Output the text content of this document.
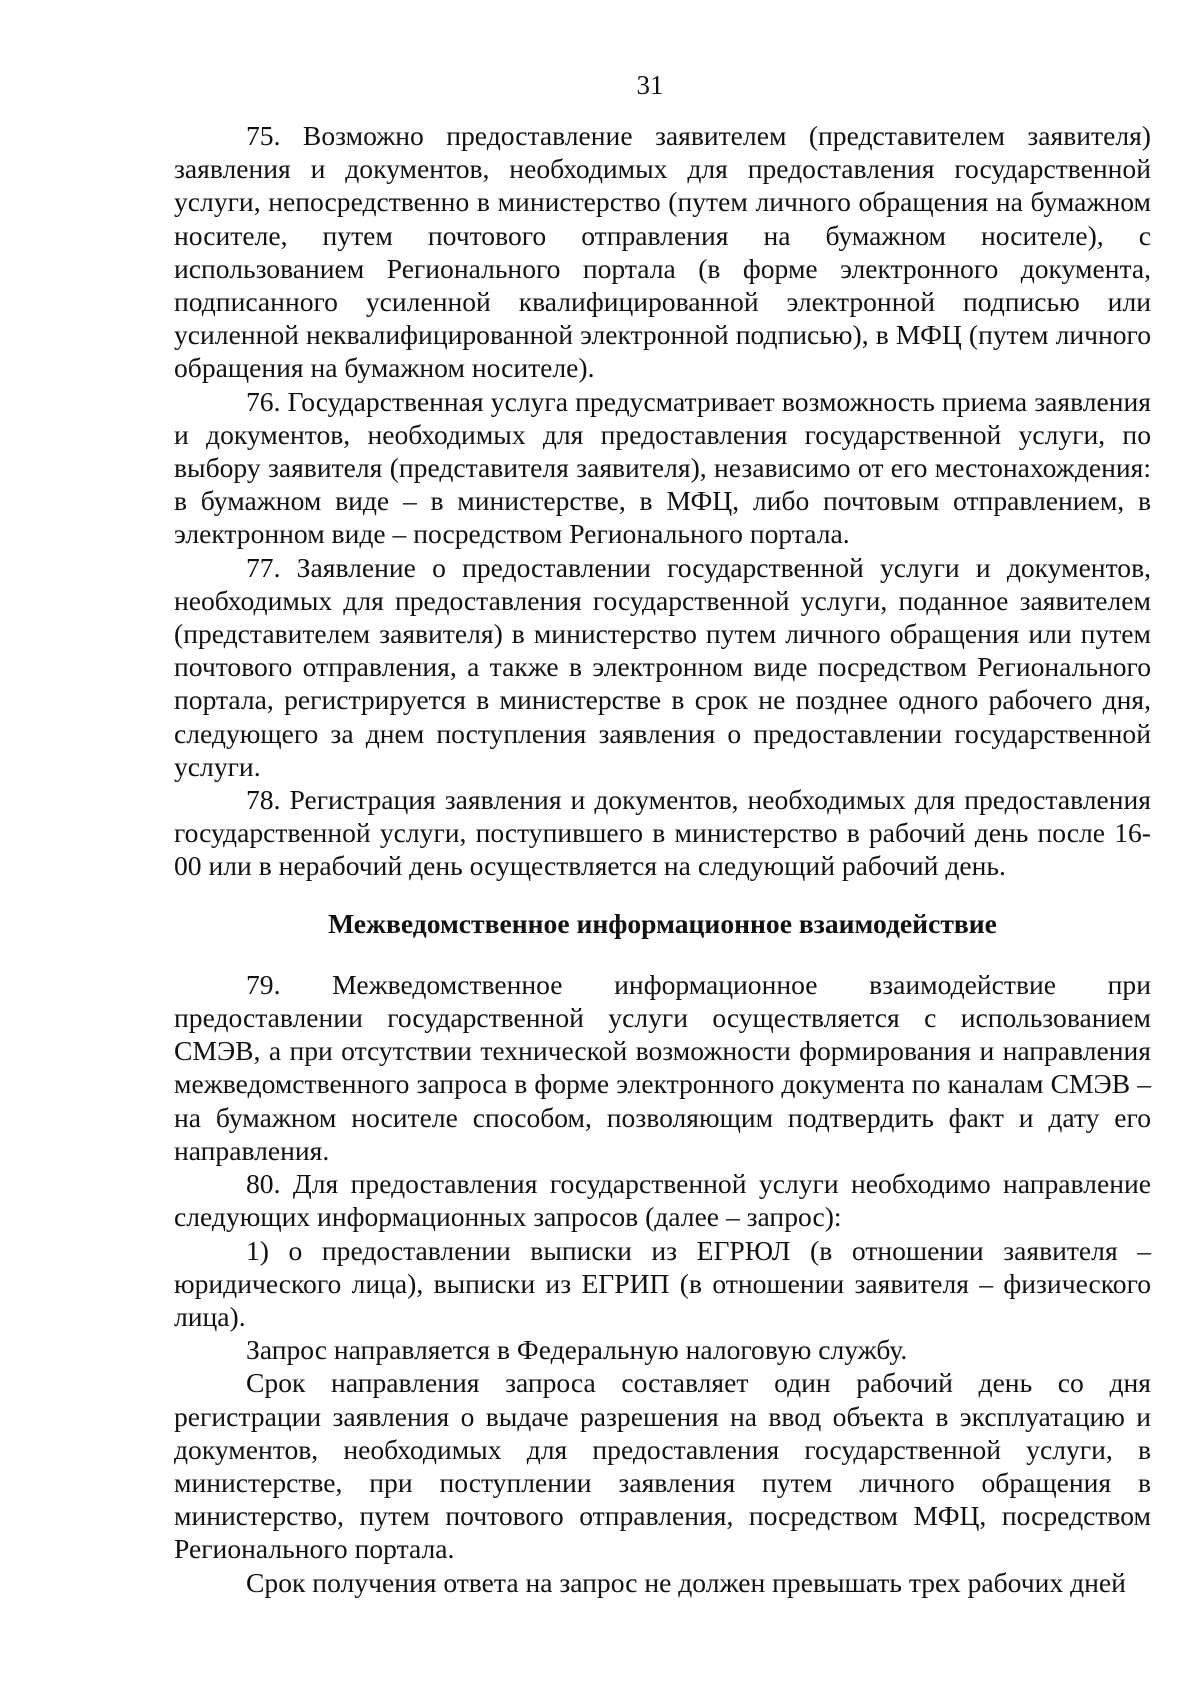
31

75. Возможно предоставление заявителем (представителем заявителя) заявления и документов, необходимых для предоставления государственной услуги, непосредственно в министерство (путем личного обращения на бумажном носителе, путем почтового отправления на бумажном носителе), с использованием Регионального портала (в форме электронного документа, подписанного усиленной квалифицированной электронной подписью или усиленной неквалифицированной электронной подписью), в МФЦ (путем личного обращения на бумажном носителе).

76. Государственная услуга предусматривает возможность приема заявления и документов, необходимых для предоставления государственной услуги, по выбору заявителя (представителя заявителя), независимо от его местонахождения: в бумажном виде – в министерстве, в МФЦ, либо почтовым отправлением, в электронном виде – посредством Регионального портала.

77. Заявление о предоставлении государственной услуги и документов, необходимых для предоставления государственной услуги, поданное заявителем (представителем заявителя) в министерство путем личного обращения или путем почтового отправления, а также в электронном виде посредством Регионального портала, регистрируется в министерстве в срок не позднее одного рабочего дня, следующего за днем поступления заявления о предоставлении государственной услуги.

78. Регистрация заявления и документов, необходимых для предоставления государственной услуги, поступившего в министерство в рабочий день после 16-00 или в нерабочий день осуществляется на следующий рабочий день.

Межведомственное информационное взаимодействие

79. Межведомственное информационное взаимодействие при предоставлении государственной услуги осуществляется с использованием СМЭВ, а при отсутствии технической возможности формирования и направления межведомственного запроса в форме электронного документа по каналам СМЭВ – на бумажном носителе способом, позволяющим подтвердить факт и дату его направления.

80. Для предоставления государственной услуги необходимо направление следующих информационных запросов (далее – запрос):

1) о предоставлении выписки из ЕГРЮЛ (в отношении заявителя – юридического лица), выписки из ЕГРИП (в отношении заявителя – физического лица).

Запрос направляется в Федеральную налоговую службу.

Срок направления запроса составляет один рабочий день со дня регистрации заявления о выдаче разрешения на ввод объекта в эксплуатацию и документов, необходимых для предоставления государственной услуги, в министерстве, при поступлении заявления путем личного обращения в министерство, путем почтового отправления, посредством МФЦ, посредством Регионального портала.

Срок получения ответа на запрос не должен превышать трех рабочих дней
